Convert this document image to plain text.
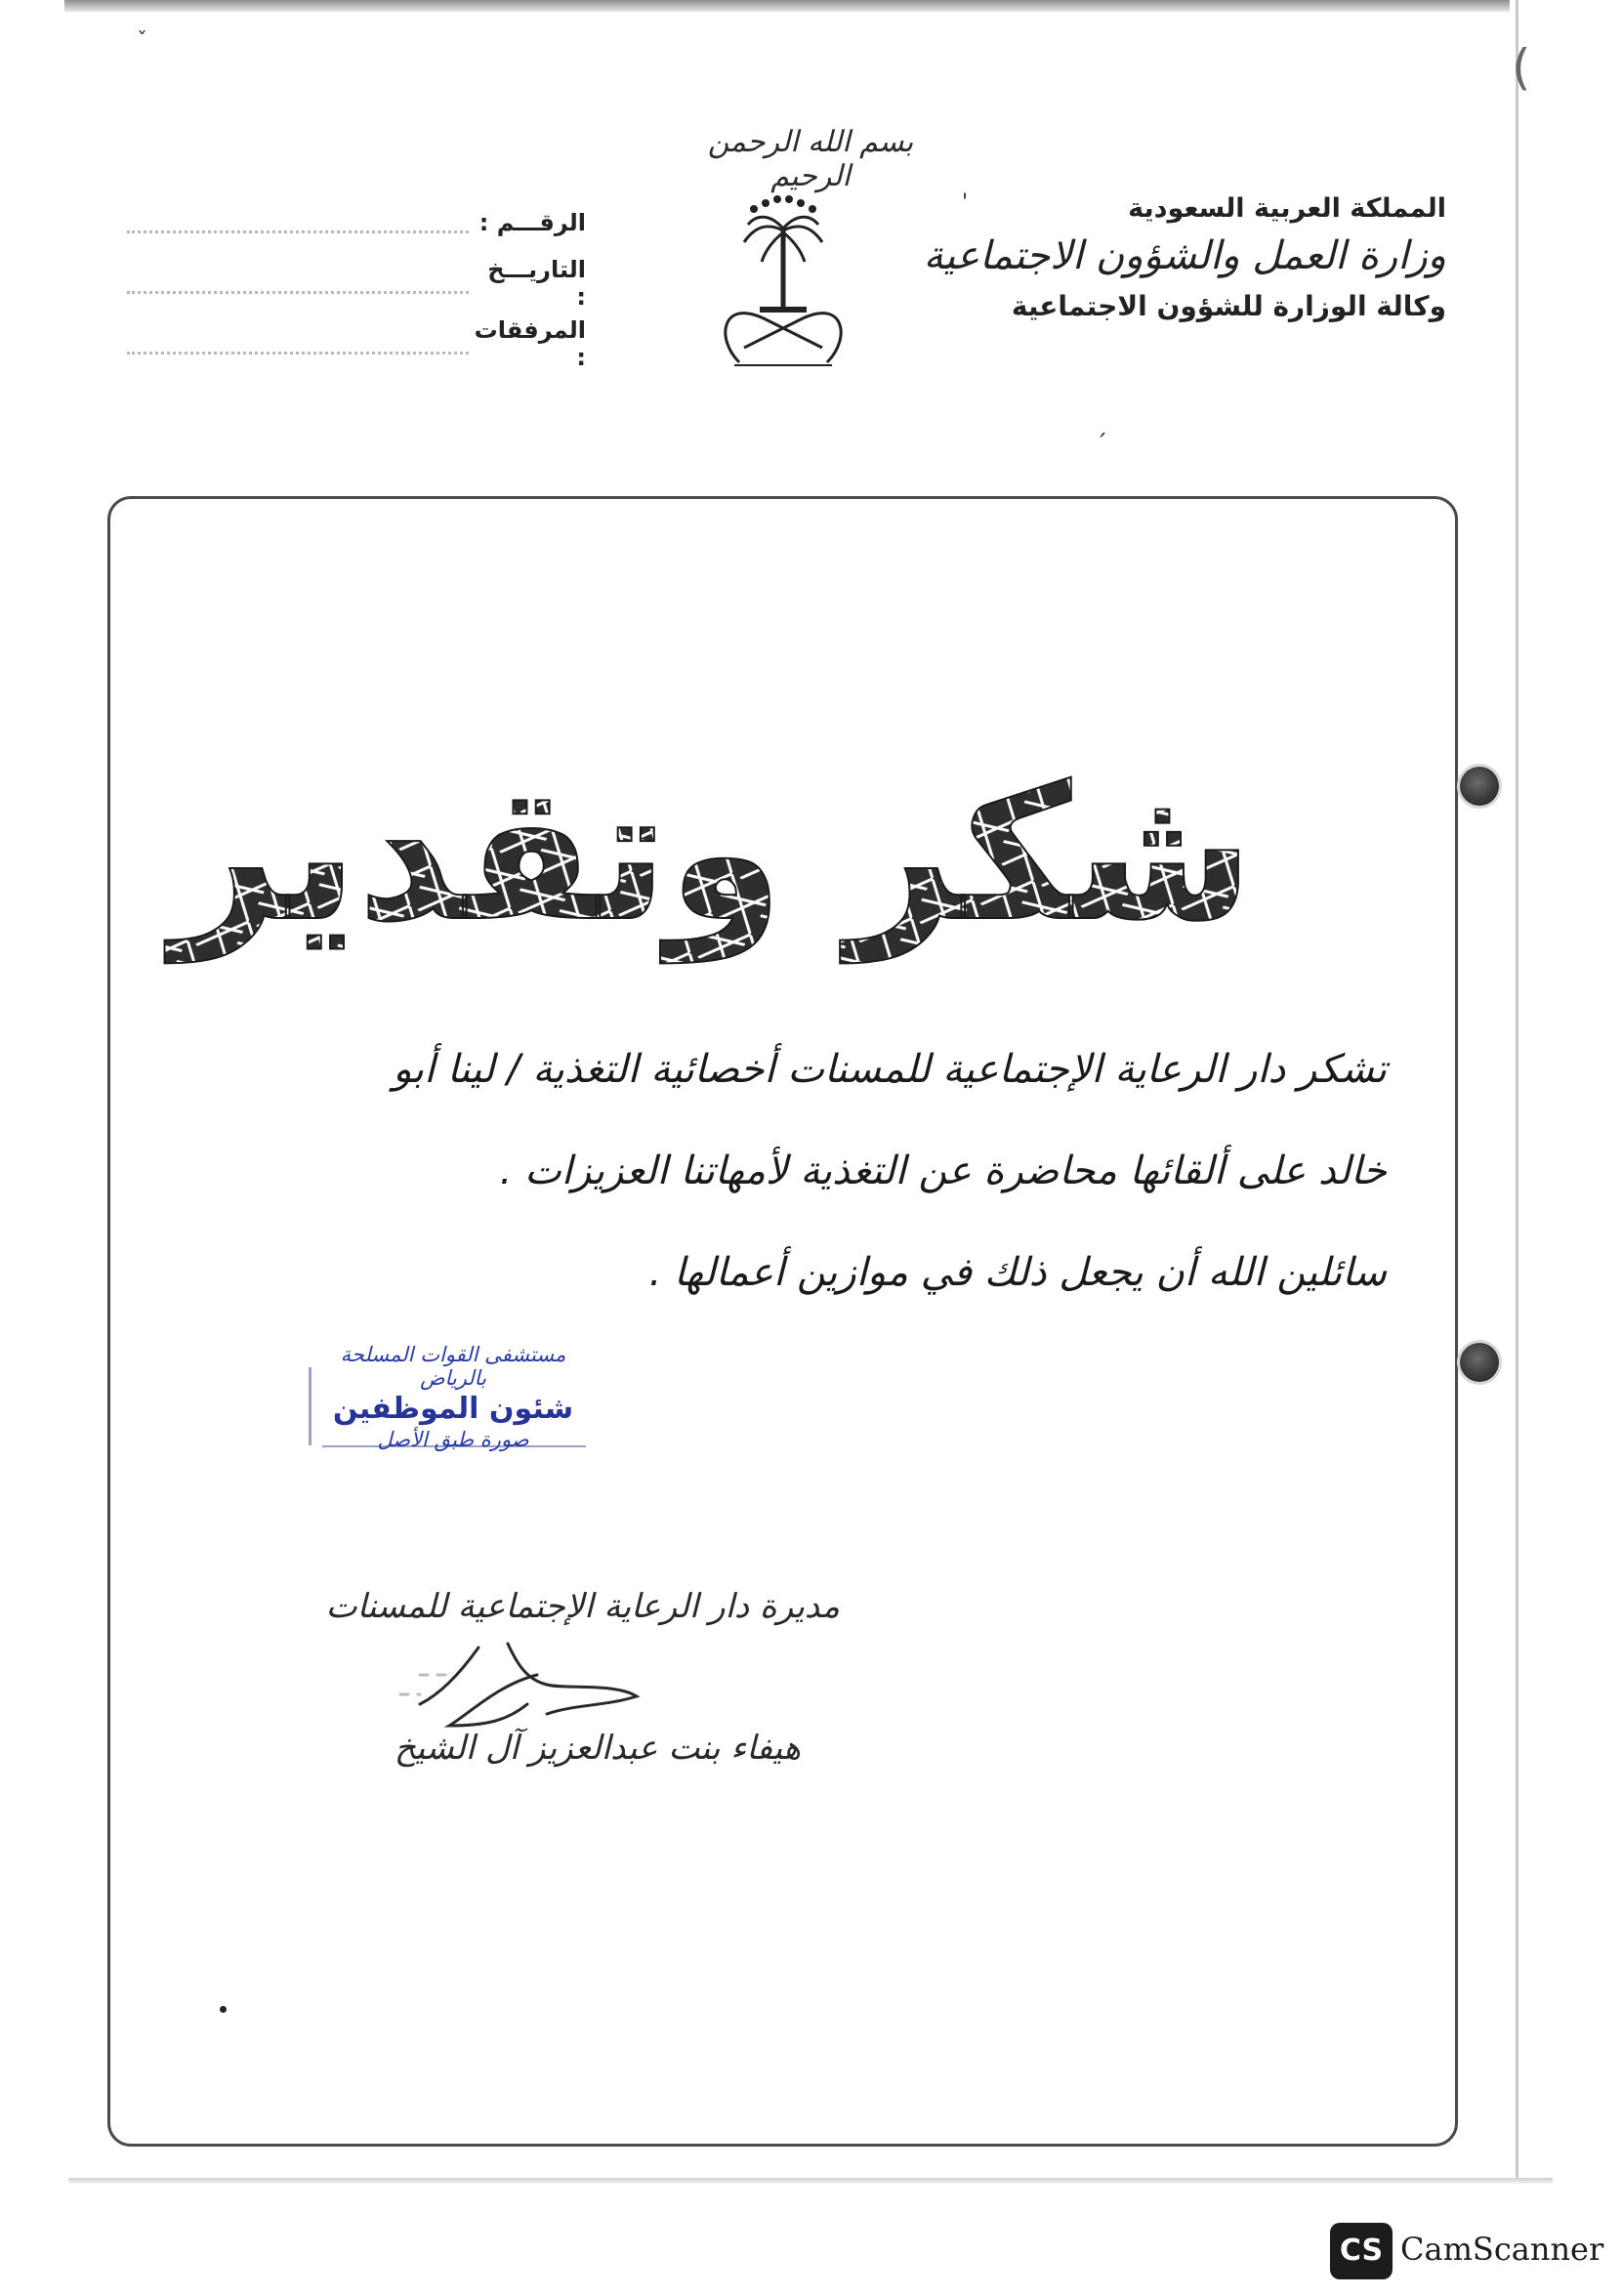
ˇ	(
'
ˏ
بسم الله الرحمن الرحيم
المملكة العربية السعودية
وزارة العمل والشؤون الاجتماعية
وكالة الوزارة للشؤون الاجتماعية
الرقـــم :
التاريـــخ :
المرفقات :
شكر وتقدير

تشكر دار الرعاية الإجتماعية للمسنات أخصائية التغذية / لينا أبو

خالد على ألقائها محاضرة عن التغذية لأمهاتنا العزيزات .

سائلين الله أن يجعل ذلك في موازين أعمالها .

مستشفى القوات المسلحة بالرياض
شئون الموظفين
صورة طبق الأصل
مديرة دار الرعاية الإجتماعية للمسنات
هيفاء بنت عبدالعزيز آل الشيخ
CS CamScanner
